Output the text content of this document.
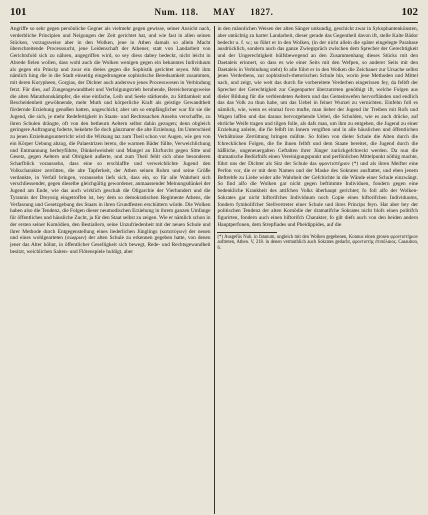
101	Num. 118. MAY 1827.	102

Angriffe so sehr gegen persönliche Gegner als vielmehr gegen gewisse, seiner Ansicht nach, verderbliche Principien und Neigungen der Zeit gerichtet hat, und wie fast in allen seinen Stücken, vorzugsweise aber in den Wolken, jene in Athen damals so allein Macht überschreitende Processsucht, jene Leidenschaft der Athener, statt von Landarbeit von Gerichtsfold sich zu nähren, angegriffen wird, so sey diess dabey bedeckt, nicht leicht in Abrede fielen wollen, dass wohl auch die Wolken wenigen gegen ein bekanntes Individuum als gegen ein Princip und zwar ein dreies gegen die Sophistik gerichtet seyen. Mit ihm nämlich hing die in die Stadt einseitig eingedrungene sophistische Beredsamkeit zusammen, mit deren Korypheen, Gorgias, der Dichter auch anderswo jenes Processwesen in Verbindung fetzt. Für dies, auf Zungengewandtheit und Verfolgungstrieb beruhende, Bereicherungsweise die alten Marathonskämpfer, die eine einfache, Leib und Seele stärkende, zu Sittlamkeit und Bescheidenheit gewöhnende, mehr Muth und körperliche Kraft als geistige Gewandtheit fördernde Erziehung genoßen hatten, ungeschickt; aber um so empfänglicher war für sie die Jugend, die sich, je mehr Redefertigkeit in Staats- und Rechtssachen Ansehn verschaffte, zu ihren Schulen drängte, oft von den betheurn Aeltern selbst dahin gezogen; denn obgleich geringere Auftragung foderte, bekehrte fie doch gänzmarer die alte Erziehung. Im Unterschied zu jenen Erziehungsunterricht wird die Wirkung taz zum Theil schon vor Augen, wie gen von ein Körper Uebung abzog, die Palaestrizen lereto, die warmen Bäder füllte, Verweichlichung und Entmannung herbeyführte, Dünkelweisheit und Mangel an Ehrfurcht gegen Sitte und Gesetz, gegen Aeltern und Obrigkeit außerte, und zum Theil fehlt sich ohne besonderen Scharfblick voraussehn, dass eine so erschlaffte und verweichlichte Jugend den Volkscharakter zerrütten, die alte Tapferkeit, der Athen seinen Ruhm und seine Größe verdankte, in Verfall bringen, voraussehn liefs sich, dass ein, so für alle Wahrheit sich verschliessender, gegen dieselbe gleichgültig gewordener, anmaassender Meinungsdünkel der Jugend am Ende, wie das auch wirklich geschah die Oligarchie der Vierhundert und die Tyrannis der Dreyssig eingetroffen ist, bey dem so demokratischen Regimente Athens, die Verfassung und Gesetzgebung des Staats in ihren Grundfesten erschüttern würde. Die Wolken haben also die Tendenz, die Folgen dieser neumodischen Erziehung in ihrem ganzen Umfange für öffentliches und häusliche Zucht, ja für den Staat selbst zu zeigen. Wie er nämlich schon in der ersten seiner Komödien, den Bestiallern, seine Unzufriedenheit mit der neuen Schule und ihrer Methode durch Entgegenstellung eines liederlichen Jünglings (κατατύγων) der neuen und eines wohlgearteten (σώφρων) der alten Schule zu erkennen gegeben hatte, von denen jener das Alter höhnt, in öffentlicher Geselligkeit sich bewegt, Rede- und Rechtsgewandheit besitzt, weichlichen Saiten- und Flötenspiele huldigt, aber

in den männlichen Weisen der alten Sänger unkundig, geschickt zwar in Sykophantenkünsten, aber untüchtig zu harter Landarbeit, dieser gerade das Gegentheil davon ift, stelle Kalte Bädor bedecht u. f. w.; so führt er in den Wolken, (in der nicht allein die später eingelegte Parabase ausdrücklich, sondern auch das ganze Zwiegspräch zwischen dem Sprecher der Gerechtigkeit und der Ungerechtigkeit hülfsbewegend an den Zusammenhang dieses Stücks mit den Daetaleis erinnert, so dass es wie einer Seits mit den Wefpen, so anderer Seits mit den Daetaleis in Verbindung steht) fo alle führt er in den Wolken die Zeichauer zur Ursache selbst jenes Verderbens, zur sophistisch-rhetorischen Schule hin, worin jene Methoden und Mittel nach, und zeigt, wie weit das durch fie vorbereitete Verderben eingerissen fey, da felbft der Sprecher der Gerechtigkeit zur Gegenparter überzutreten genöthigt ift, welche Folgen aus dieler Bildung für die verblendeten Aeltern und das Gemeinwefen hervorfländen und endlich das das Volk zu thun habe, um das Uebel in feiner Wurzel zu vernichten. Einfehn foll es nämlich, wie, wenn es einmal fovo mufte, man lieber der Jugend ihr Treiben mit Rofs und Wagen laffen und das daraus hervorgehende Uebel, die Schulden, wie es auch drücke, auf ehrliche Weife tragen und tilgen folle, als dafs man, um ihm zu entgehen, die Jugend zu einer Erziehung anleite, die fie felbft im Innern vergiften und in alle häuslichen und öffentlichen Verhältnisse Zerrüttung bringen müfste. So follen von dieler Schule die Alten durch die fchrecklichen Folgen, die fie ihnen felbft und dem Staate bereitet, die Jugend durch die häßliche, ungeneuergalten Geftalten ihrer Jünger zurückgefchreckt werden. Da nun die dramatische Bedürfnifs einen Vereinigungspunkt und perfönlichen Mittelpunkt nöthig machte, führt uns der Dichter als Sitz der Schule das φροντιστήριον (*) und als ihren Meifter eine Perfon vor, die er mit dem Namen und der Maske des Sokrates ausftattet, und eben jenem Beftrebfe zu Liebe wider alle Wahrheit der Gefchichte in die Wände einer Schule einzwängt. So find alfo die Wolken gar nicht gegen beftimmte Individuen, fondern gegen eine bedenkliche Krankheit des attifchen Volks überhaupt gerichtet; fo foll alfo der Wolken-Sokrates gar nicht hiftorifches Individuum noch Copie eines hiftorifchen Individuums, fondern fymbolifcher Stellvertreter einer Schule und ihres Princips feyn. Hat aber bey der politischen Tendenz der alten Komödie der dramatifche Sokrates nicht blofs einen politifch figurirten, fondern auch einen hiftorifch Charakter, fo gilt diefs auch von den beiden andern Hauptperfonen, dem Strepfiades und Pheidippides, auf die

(*) Ausgefüs Nub. in fatanum, ungleich mit den Wolken gegebenen, Konnus einen grosen φροντιστήριον auftreten, Athen. V, 218. in denen vermuthlich auch Sokrates gedacht, φροντιστής ἐπιπόλαιος. Casaubon, 6.
